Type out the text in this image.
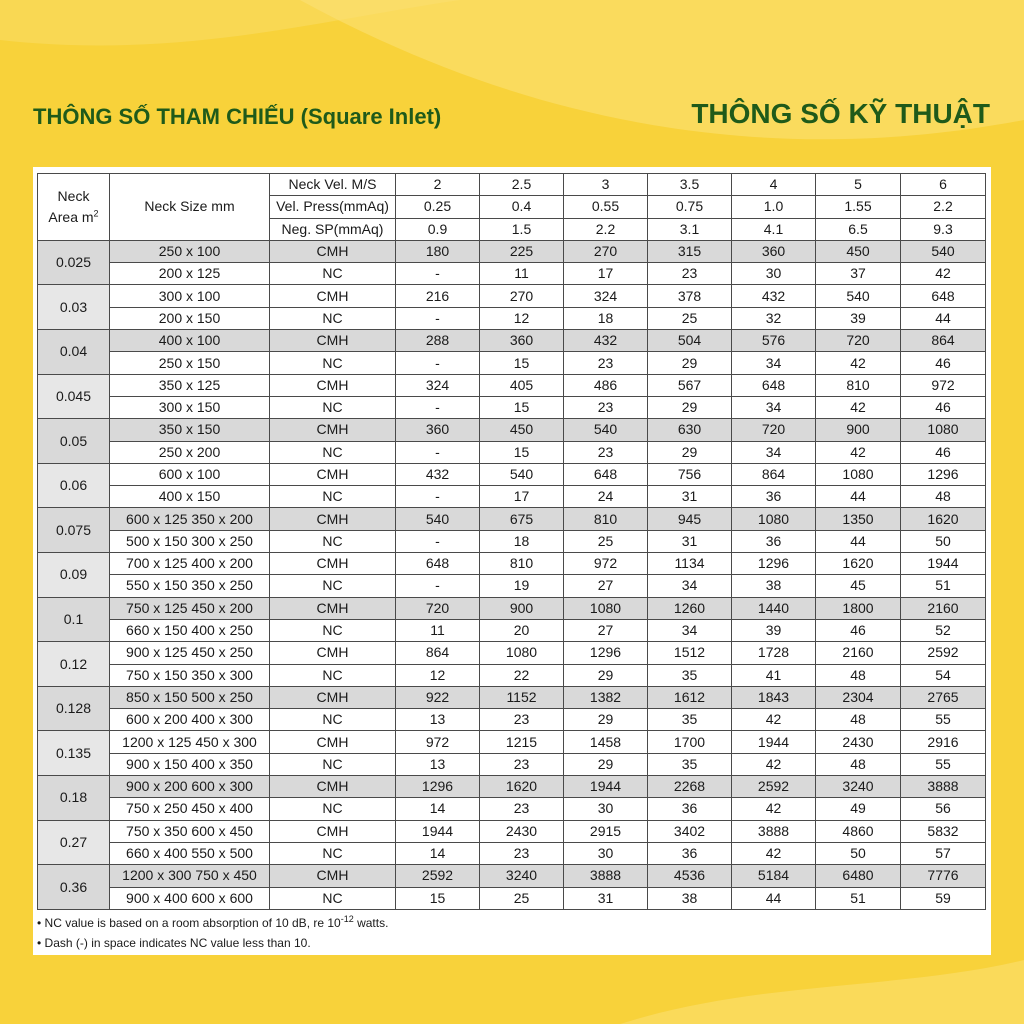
THÔNG SỐ THAM CHIẾU (Square Inlet)	THÔNG SỐ KỸ THUẬT
Neck
Area $m^2$	Neck Size mm	Neck Vel. M/S	2	2.5	3	3.5	4	5	6
		Vel. Press(mmAq)	0.25	0.4	0.55	0.75	1.0	1.55	2.2
		Neg. SP(mmAq)	0.9	1.5	2.2	3.1	4.1	6.5	9.3
0.025	250 x 100	CMH	180	225	270	315	360	450	540
	200 x 125	NC	-	11	17	23	30	37	42
0.03	300 x 100	CMH	216	270	324	378	432	540	648
	200 x 150	NC	-	12	18	25	32	39	44
0.04	400 x 100	CMH	288	360	432	504	576	720	864
	250 x 150	NC	-	15	23	29	34	42	46
0.045	350 x 125	CMH	324	405	486	567	648	810	972
	300 x 150	NC	-	15	23	29	34	42	46
0.05	350 x 150	CMH	360	450	540	630	720	900	1080
	250 x 200	NC	-	15	23	29	34	42	46
0.06	600 x 100	CMH	432	540	648	756	864	1080	1296
	400 x 150	NC	-	17	24	31	36	44	48
0.075	600 x 125 350 x 200	CMH	540	675	810	945	1080	1350	1620
	500 x 150 300 x 250	NC	-	18	25	31	36	44	50
0.09	700 x 125 400 x 200	CMH	648	810	972	1134	1296	1620	1944
	550 x 150 350 x 250	NC	-	19	27	34	38	45	51
0.1	750 x 125 450 x 200	CMH	720	900	1080	1260	1440	1800	2160
	660 x 150 400 x 250	NC	11	20	27	34	39	46	52
0.12	900 x 125 450 x 250	CMH	864	1080	1296	1512	1728	2160	2592
	750 x 150 350 x 300	NC	12	22	29	35	41	48	54
0.128	850 x 150 500 x 250	CMH	922	1152	1382	1612	1843	2304	2765
	600 x 200 400 x 300	NC	13	23	29	35	42	48	55
0.135	1200 x 125 450 x 300	CMH	972	1215	1458	1700	1944	2430	2916
	900 x 150 400 x 350	NC	13	23	29	35	42	48	55
0.18	900 x 200 600 x 300	CMH	1296	1620	1944	2268	2592	3240	3888
	750 x 250 450 x 400	NC	14	23	30	36	42	49	56
0.27	750 x 350 600 x 450	CMH	1944	2430	2915	3402	3888	4860	5832
	660 x 400 550 x 500	NC	14	23	30	36	42	50	57
0.36	1200 x 300 750 x 450	CMH	2592	3240	3888	4536	5184	6480	7776
	900 x 400 600 x 600	NC	15	25	31	38	44	51	59
• NC value is based on a room absorption of 10 dB, re $10^{-12}$ watts.
• Dash (-) in space indicates NC value less than 10.
